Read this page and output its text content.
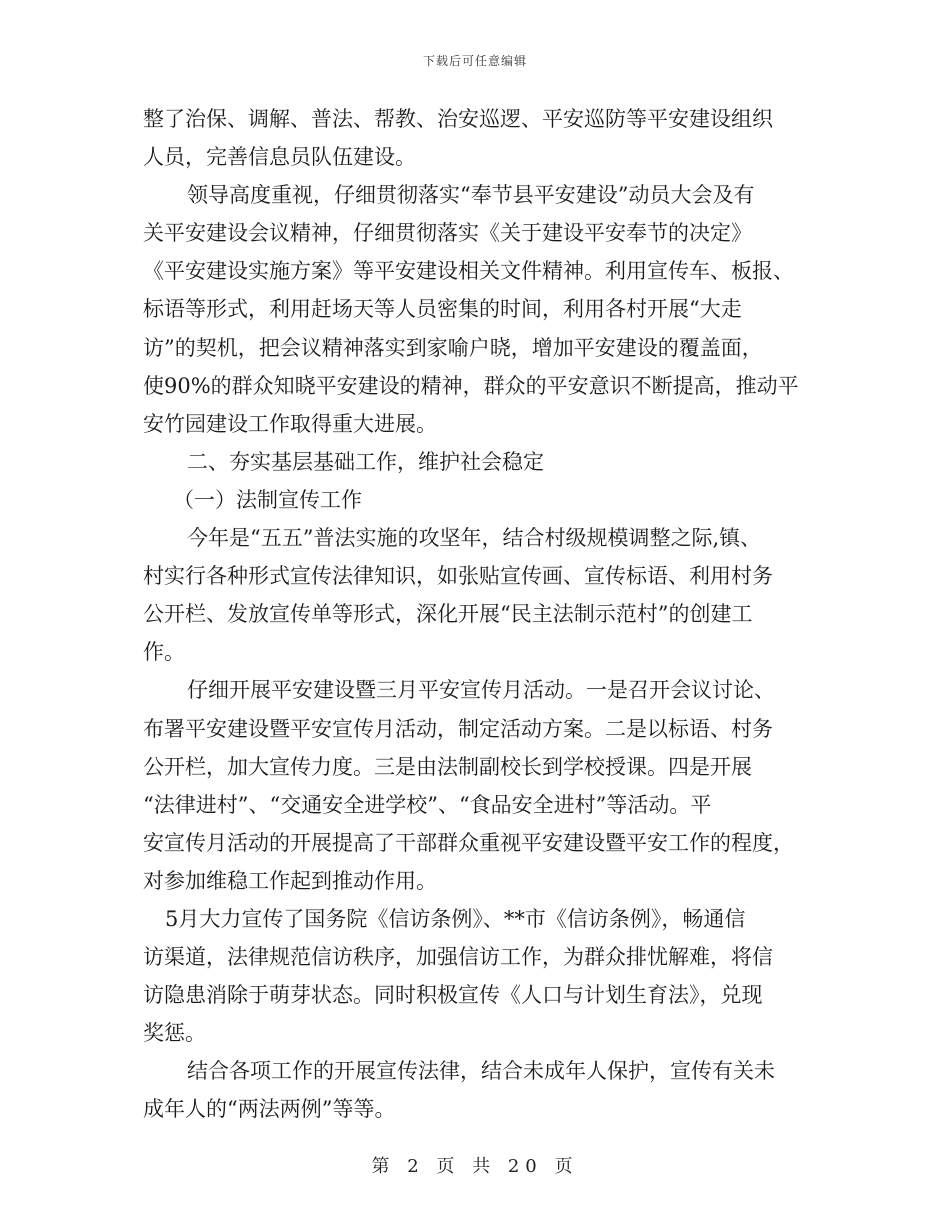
下载后可任意编辑
整了治保、调解、普法、帮教、治安巡逻、平安巡防等平安建设组织
人员，完善信息员队伍建设。
领导高度重视，仔细贯彻落实“奉节县平安建设”动员大会及有
关平安建设会议精神，仔细贯彻落实《关于建设平安奉节的决定》
《平安建设实施方案》等平安建设相关文件精神。利用宣传车、板报、
标语等形式，利用赶场天等人员密集的时间，利用各村开展“大走
访”的契机，把会议精神落实到家喻户晓，增加平安建设的覆盖面，
使90%的群众知晓平安建设的精神，群众的平安意识不断提高，推动平
安竹园建设工作取得重大进展。
二、夯实基层基础工作，维护社会稳定
（一）法制宣传工作
今年是“五五”普法实施的攻坚年，结合村级规模调整之际,镇、
村实行各种形式宣传法律知识，如张贴宣传画、宣传标语、利用村务
公开栏、发放宣传单等形式，深化开展“民主法制示范村”的创建工
作。
仔细开展平安建设暨三月平安宣传月活动。一是召开会议讨论、
布署平安建设暨平安宣传月活动，制定活动方案。二是以标语、村务
公开栏，加大宣传力度。三是由法制副校长到学校授课。四是开展
“法律进村”、“交通安全进学校”、“食品安全进村”等活动。平
安宣传月活动的开展提高了干部群众重视平安建设暨平安工作的程度，
对参加维稳工作起到推动作用。
5月大力宣传了国务院《信访条例》、**市《信访条例》，畅通信
访渠道，法律规范信访秩序，加强信访工作，为群众排忧解难，将信
访隐患消除于萌芽状态。同时积极宣传《人口与计划生育法》，兑现
奖惩。
结合各项工作的开展宣传法律，结合未成年人保护，宣传有关未
成年人的“两法两例”等等。
第 2 页 共 20 页
